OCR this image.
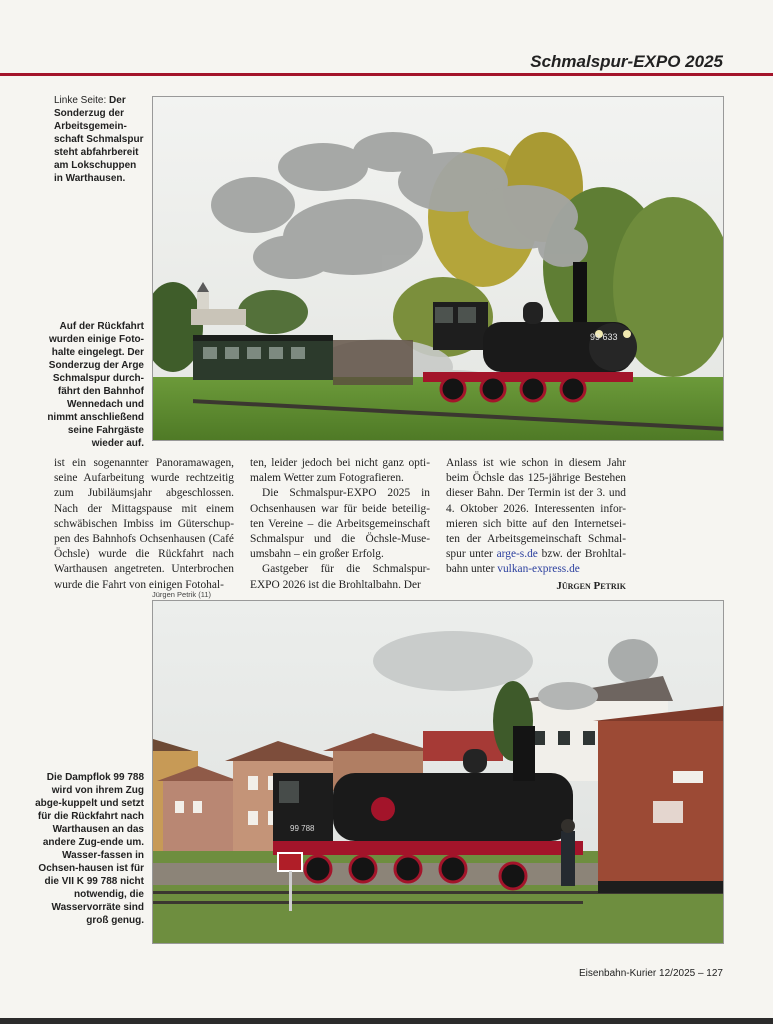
Schmalspur-EXPO 2025
Linke Seite: Der Sonderzug der Arbeitsgemein-schaft Schmalspur steht abfahrbereit am Lokschuppen in Warthausen.
99 633
Auf der Rückfahrt wurden einige Foto-halte eingelegt. Der Sonderzug der Arge Schmalspur durch-fährt den Bahnhof Wennedach und nimmt anschließend seine Fahrgäste wieder auf.

ist ein sogenannter Panoramawagen, seine Aufarbeitung wurde rechtzeitig zum Jubiläumsjahr abgeschlossen. Nach der Mittagspause mit einem schwäbischen Imbiss im Güterschup-pen des Bahnhofs Ochsenhausen (Café Öchsle) wurde die Rückfahrt nach Warthausen angetreten. Unterbrochen wurde die Fahrt von einigen Fotohal-

ten, leider jedoch bei nicht ganz opti-malem Wetter zum Fotografieren.

Die Schmalspur-EXPO 2025 in Ochsenhausen war für beide beteilig-ten Vereine – die Arbeitsgemeinschaft Schmalspur und die Öchsle-Muse-umsbahn – ein großer Erfolg.

Gastgeber für die Schmalspur-EXPO 2026 ist die Brohltalbahn. Der

Anlass ist wie schon in diesem Jahr beim Öchsle das 125-jährige Bestehen dieser Bahn. Der Termin ist der 3. und 4. Oktober 2026. Interessenten infor-mieren sich bitte auf den Internetsei-ten der Arbeitsgemeinschaft Schmal-spur unter arge-s.de bzw. der Brohltal-bahn unter vulkan-express.de

Jürgen Petrik
Jürgen Petrik (11)
99 788
Die Dampflok 99 788 wird von ihrem Zug abge-kuppelt und setzt für die Rückfahrt nach Warthausen an das andere Zug-ende um. Wasser-fassen in Ochsen-hausen ist für die VII K 99 788 nicht notwendig, die Wasservorräte sind groß genug.
Eisenbahn-Kurier 12/2025 – 127
